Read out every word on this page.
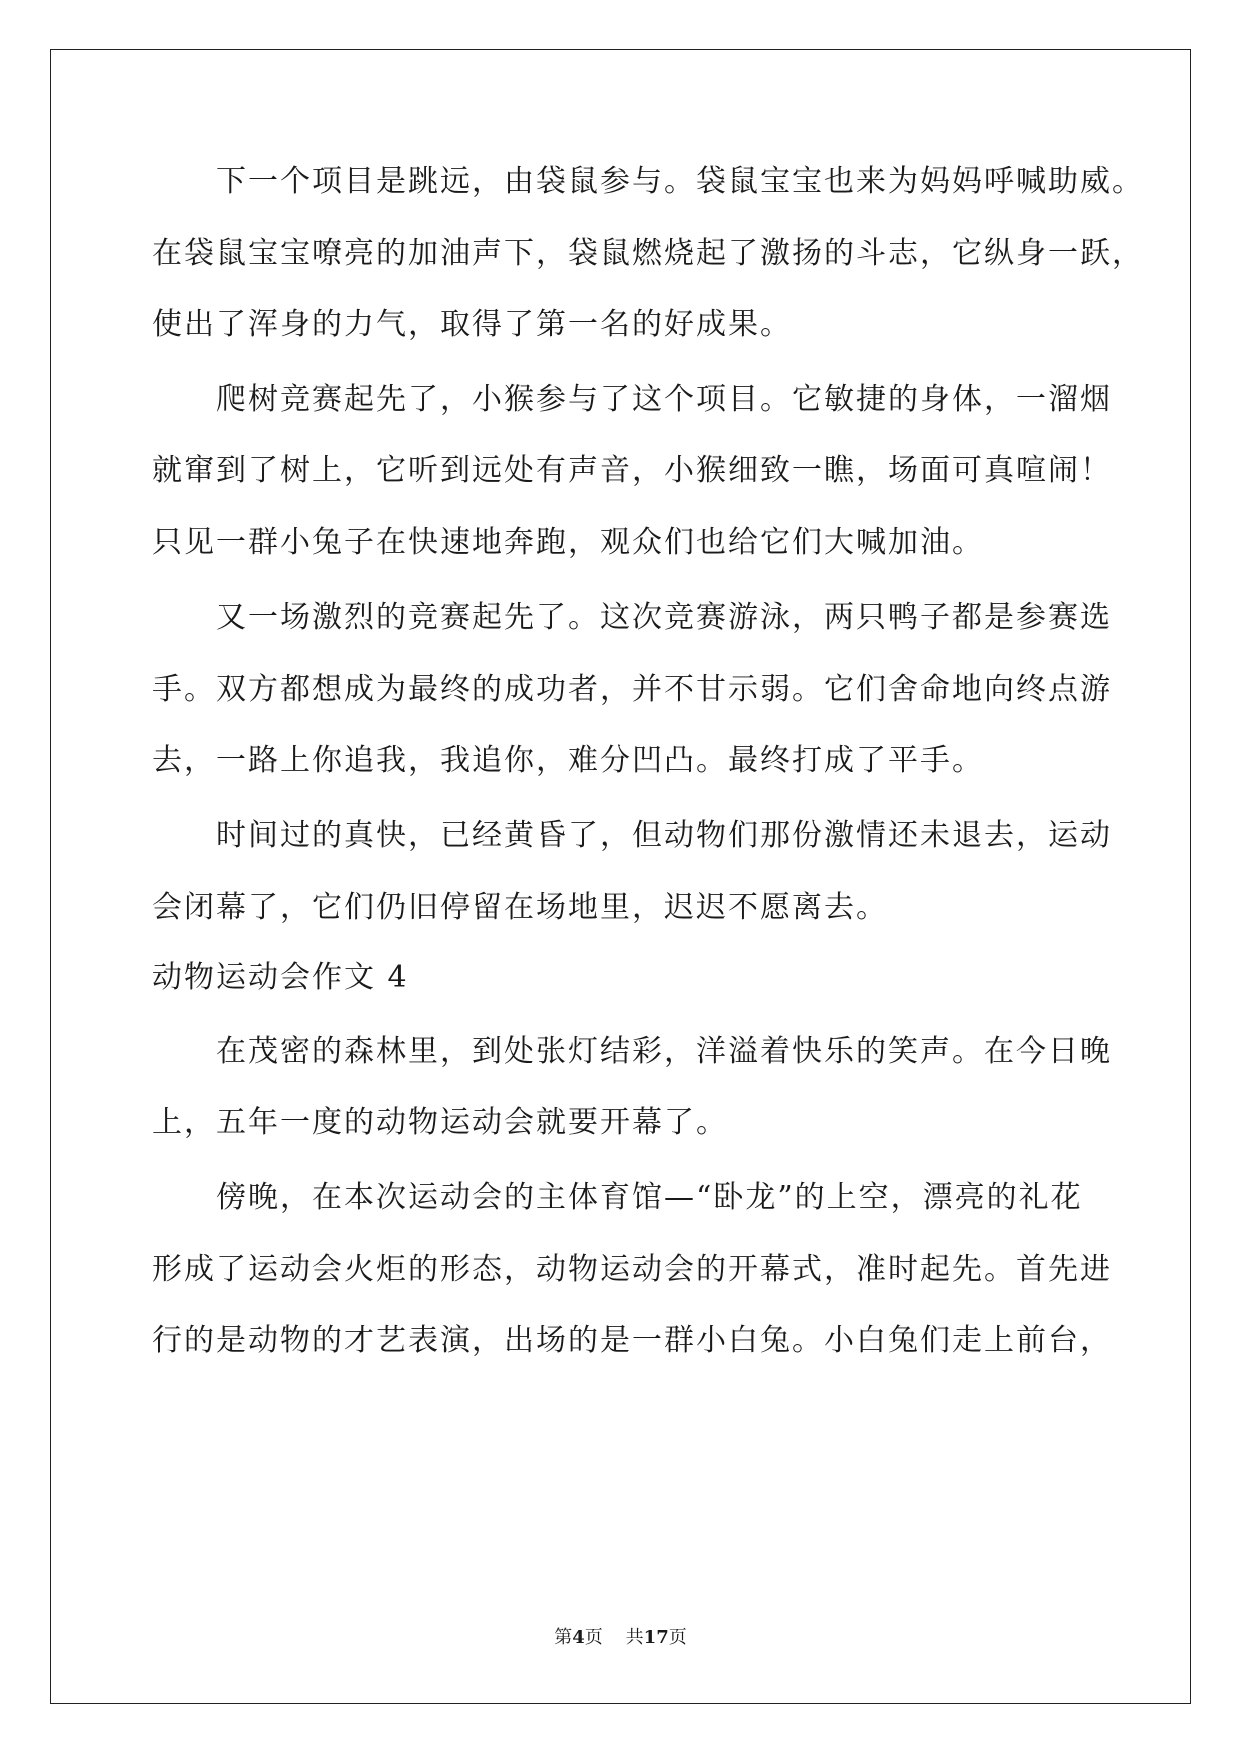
下一个项目是跳远，由袋鼠参与。袋鼠宝宝也来为妈妈呼喊助威。
在袋鼠宝宝嘹亮的加油声下，袋鼠燃烧起了激扬的斗志，它纵身一跃，
使出了浑身的力气，取得了第一名的好成果。
爬树竞赛起先了，小猴参与了这个项目。它敏捷的身体，一溜烟
就窜到了树上，它听到远处有声音，小猴细致一瞧，场面可真喧闹！
只见一群小兔子在快速地奔跑，观众们也给它们大喊加油。
又一场激烈的竞赛起先了。这次竞赛游泳，两只鸭子都是参赛选
手。双方都想成为最终的成功者，并不甘示弱。它们舍命地向终点游
去，一路上你追我，我追你，难分凹凸。最终打成了平手。
时间过的真快，已经黄昏了，但动物们那份激情还未退去，运动
会闭幕了，它们仍旧停留在场地里，迟迟不愿离去。
动物运动会作文 4
在茂密的森林里，到处张灯结彩，洋溢着快乐的笑声。在今日晚
上，五年一度的动物运动会就要开幕了。
傍晚，在本次运动会的主体育馆—“卧龙”的上空，漂亮的礼花
形成了运动会火炬的形态，动物运动会的开幕式，准时起先。首先进
行的是动物的才艺表演，出场的是一群小白兔。小白兔们走上前台，
第4页 共17页
